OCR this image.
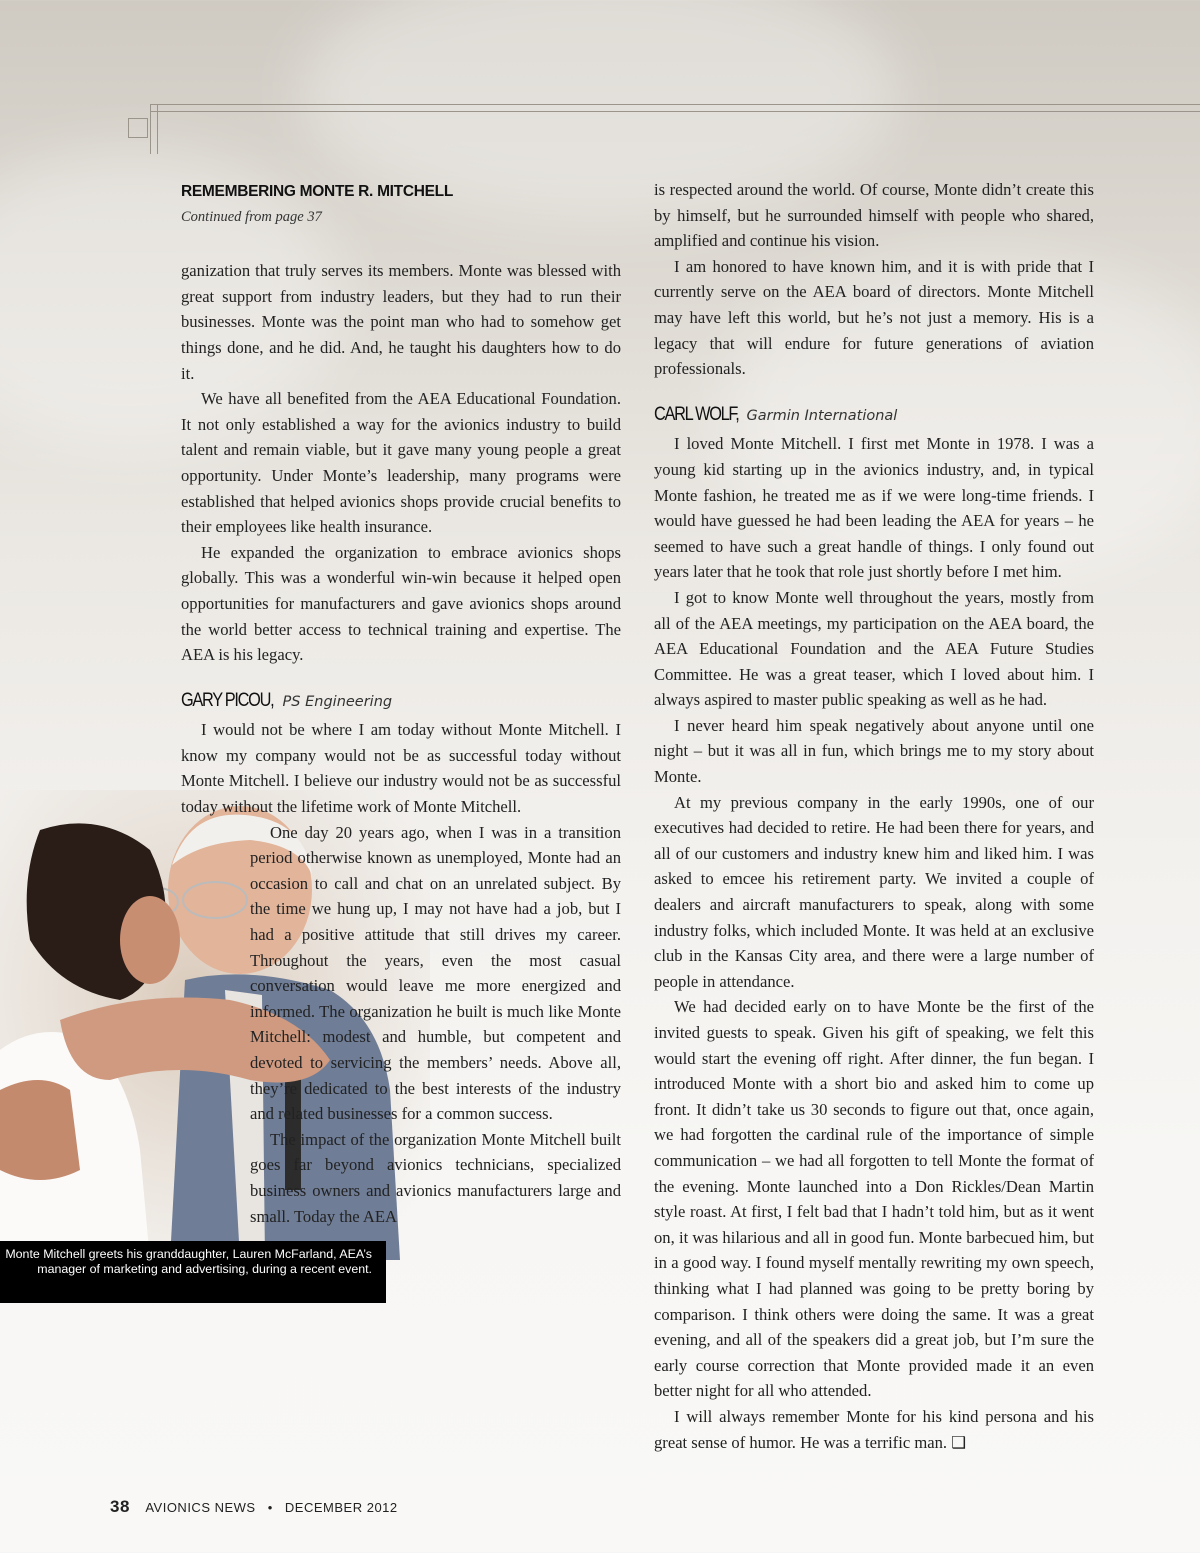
Monte Mitchell greets his granddaughter, Lauren McFarland, AEA’s manager of marketing and advertising, during a recent event.
REMEMBERING MONTE R. MITCHELL
Continued from page 37

ganization that truly serves its members. Monte was blessed with great support from industry leaders, but they had to run their businesses. Monte was the point man who had to somehow get things done, and he did. And, he taught his daughters how to do it.

We have all benefited from the AEA Educational Foundation. It not only established a way for the avionics industry to build talent and remain viable, but it gave many young people a great opportunity. Under Monte’s leadership, many programs were established that helped avionics shops provide crucial benefits to their employees like health insurance.

He expanded the organization to embrace avionics shops globally. This was a wonderful win-win because it helped open opportunities for manufacturers and gave avionics shops around the world better access to technical training and expertise. The AEA is his legacy.

GARY PICOU, PS Engineering

I would not be where I am today without Monte Mitchell. I know my company would not be as successful today without Monte Mitchell. I believe our industry would not be as successful today without the lifetime work of Monte Mitchell.

One day 20 years ago, when I was in a transition period otherwise known as unemployed, Monte had an occasion to call and chat on an unrelated subject. By the time we hung up, I may not have had a job, but I had a positive attitude that still drives my career. Throughout the years, even the most casual conversation would leave me more energized and informed. The organization he built is much like Monte Mitchell: modest and humble, but competent and devoted to servicing the members’ needs. Above all, they’re dedicated to the best interests of the industry and related businesses for a common success.

The impact of the organization Monte Mitchell built goes far beyond avionics technicians, specialized business owners and avionics manufacturers large and small. Today the AEA

is respected around the world. Of course, Monte didn’t create this by himself, but he surrounded himself with people who shared, amplified and continue his vision.

I am honored to have known him, and it is with pride that I currently serve on the AEA board of directors. Monte Mitchell may have left this world, but he’s not just a memory. His is a legacy that will endure for future generations of aviation professionals.

CARL WOLF, Garmin International

I loved Monte Mitchell. I first met Monte in 1978. I was a young kid starting up in the avionics industry, and, in typical Monte fashion, he treated me as if we were long-time friends. I would have guessed he had been leading the AEA for years – he seemed to have such a great handle of things. I only found out years later that he took that role just shortly before I met him.

I got to know Monte well throughout the years, mostly from all of the AEA meetings, my participation on the AEA board, the AEA Educational Foundation and the AEA Future Studies Committee. He was a great teaser, which I loved about him. I always aspired to master public speaking as well as he had.

I never heard him speak negatively about anyone until one night – but it was all in fun, which brings me to my story about Monte.

At my previous company in the early 1990s, one of our executives had decided to retire. He had been there for years, and all of our customers and industry knew him and liked him. I was asked to emcee his retirement party. We invited a couple of dealers and aircraft manufacturers to speak, along with some industry folks, which included Monte. It was held at an exclusive club in the Kansas City area, and there were a large number of people in attendance.

We had decided early on to have Monte be the first of the invited guests to speak. Given his gift of speaking, we felt this would start the evening off right. After dinner, the fun began. I introduced Monte with a short bio and asked him to come up front. It didn’t take us 30 seconds to figure out that, once again, we had forgotten the cardinal rule of the importance of simple communication – we had all forgotten to tell Monte the format of the evening. Monte launched into a Don Rickles/Dean Martin style roast. At first, I felt bad that I hadn’t told him, but as it went on, it was hilarious and all in good fun. Monte barbecued him, but in a good way. I found myself mentally rewriting my own speech, thinking what I had planned was going to be pretty boring by comparison. I think others were doing the same. It was a great evening, and all of the speakers did a great job, but I’m sure the early course correction that Monte provided made it an even better night for all who attended.

I will always remember Monte for his kind persona and his great sense of humor. He was a terrific man. ❑

38 AVIONICS NEWS • DECEMBER 2012
